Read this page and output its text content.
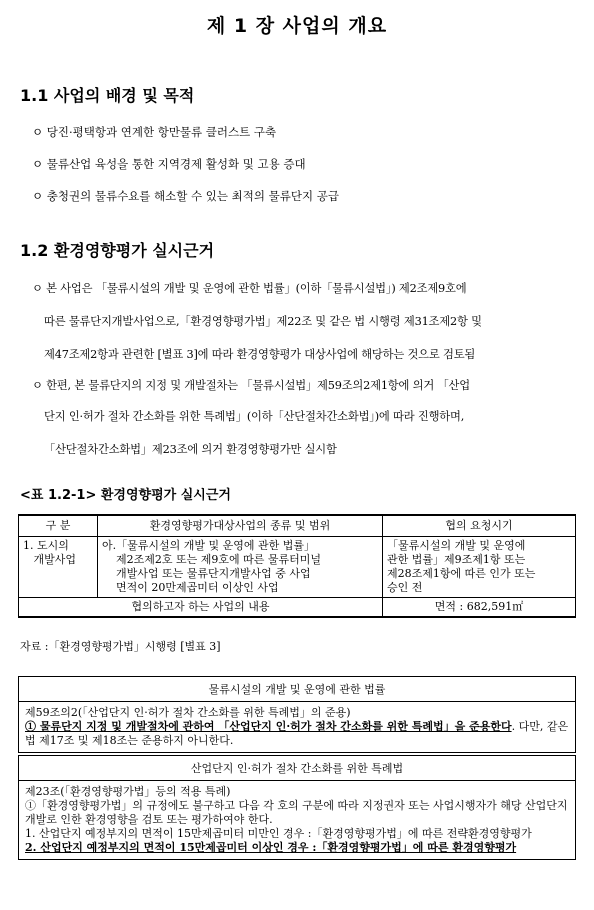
제 1 장 사업의 개요
1.1 사업의 배경 및 목적
ㅇ 당진·평택항과 연계한 항만물류 클러스트 구축
ㅇ 물류산업 육성을 통한 지역경제 활성화 및 고용 증대
ㅇ 충청권의 물류수요를 해소할 수 있는 최적의 물류단지 공급
1.2 환경영향평가 실시근거
ㅇ 본 사업은 「물류시설의 개발 및 운영에 관한 법률」(이하「물류시설법」) 제2조제9호에
따른 물류단지개발사업으로,「환경영향평가법」제22조 및 같은 법 시행령 제31조제2항 및
제47조제2항과 관련한 [별표 3]에 따라 환경영향평가 대상사업에 해당하는 것으로 검토됨
ㅇ 한편, 본 물류단지의 지정 및 개발절차는 「물류시설법」제59조의2제1항에 의거 「산업
단지 인·허가 절차 간소화를 위한 특례법」(이하「산단절차간소화법」)에 따라 진행하며,
「산단절차간소화법」제23조에 의거 환경영향평가만 실시함
<표 1.2-1> 환경영향평가 실시근거
구 분	환경영향평가대상사업의 종류 및 범위	협의 요청시기
1. 도시의
개발사업	아.「물류시설의 개발 및 운영에 관한 법률」
제2조제2호 또는 제9호에 따른 물류터미널
개발사업 또는 물류단지개발사업 중 사업
면적이 20만제곱미터 이상인 사업	「물류시설의 개발 및 운영에
관한 법률」제9조제1항 또는
제28조제1항에 따른 인가 또는
승인 전
협의하고자 하는 사업의 내용		면적 : 682,591㎡
자료 :「환경영향평가법」시행령 [별표 3]
물류시설의 개발 및 운영에 관한 법률
제59조의2(「산업단지 인·허가 절차 간소화를 위한 특례법」의 준용)
① 물류단지 지정 및 개발절차에 관하여 「산업단지 인·허가 절차 간소화를 위한 특례법」을 준용한다. 다만, 같은 법 제17조 및 제18조는 준용하지 아니한다.
산업단지 인·허가 절차 간소화를 위한 특례법
제23조(「환경영향평가법」등의 적용 특례)
①「환경영향평가법」의 규정에도 불구하고 다음 각 호의 구분에 따라 지정권자 또는 사업시행자가 해당 산업단지 개발로 인한 환경영향을 검토 또는 평가하여야 한다.
1. 산업단지 예정부지의 면적이 15만제곱미터 미만인 경우 :「환경영향평가법」에 따른 전략환경영향평가
2. 산업단지 예정부지의 면적이 15만제곱미터 이상인 경우 :「환경영향평가법」에 따른 환경영향평가
